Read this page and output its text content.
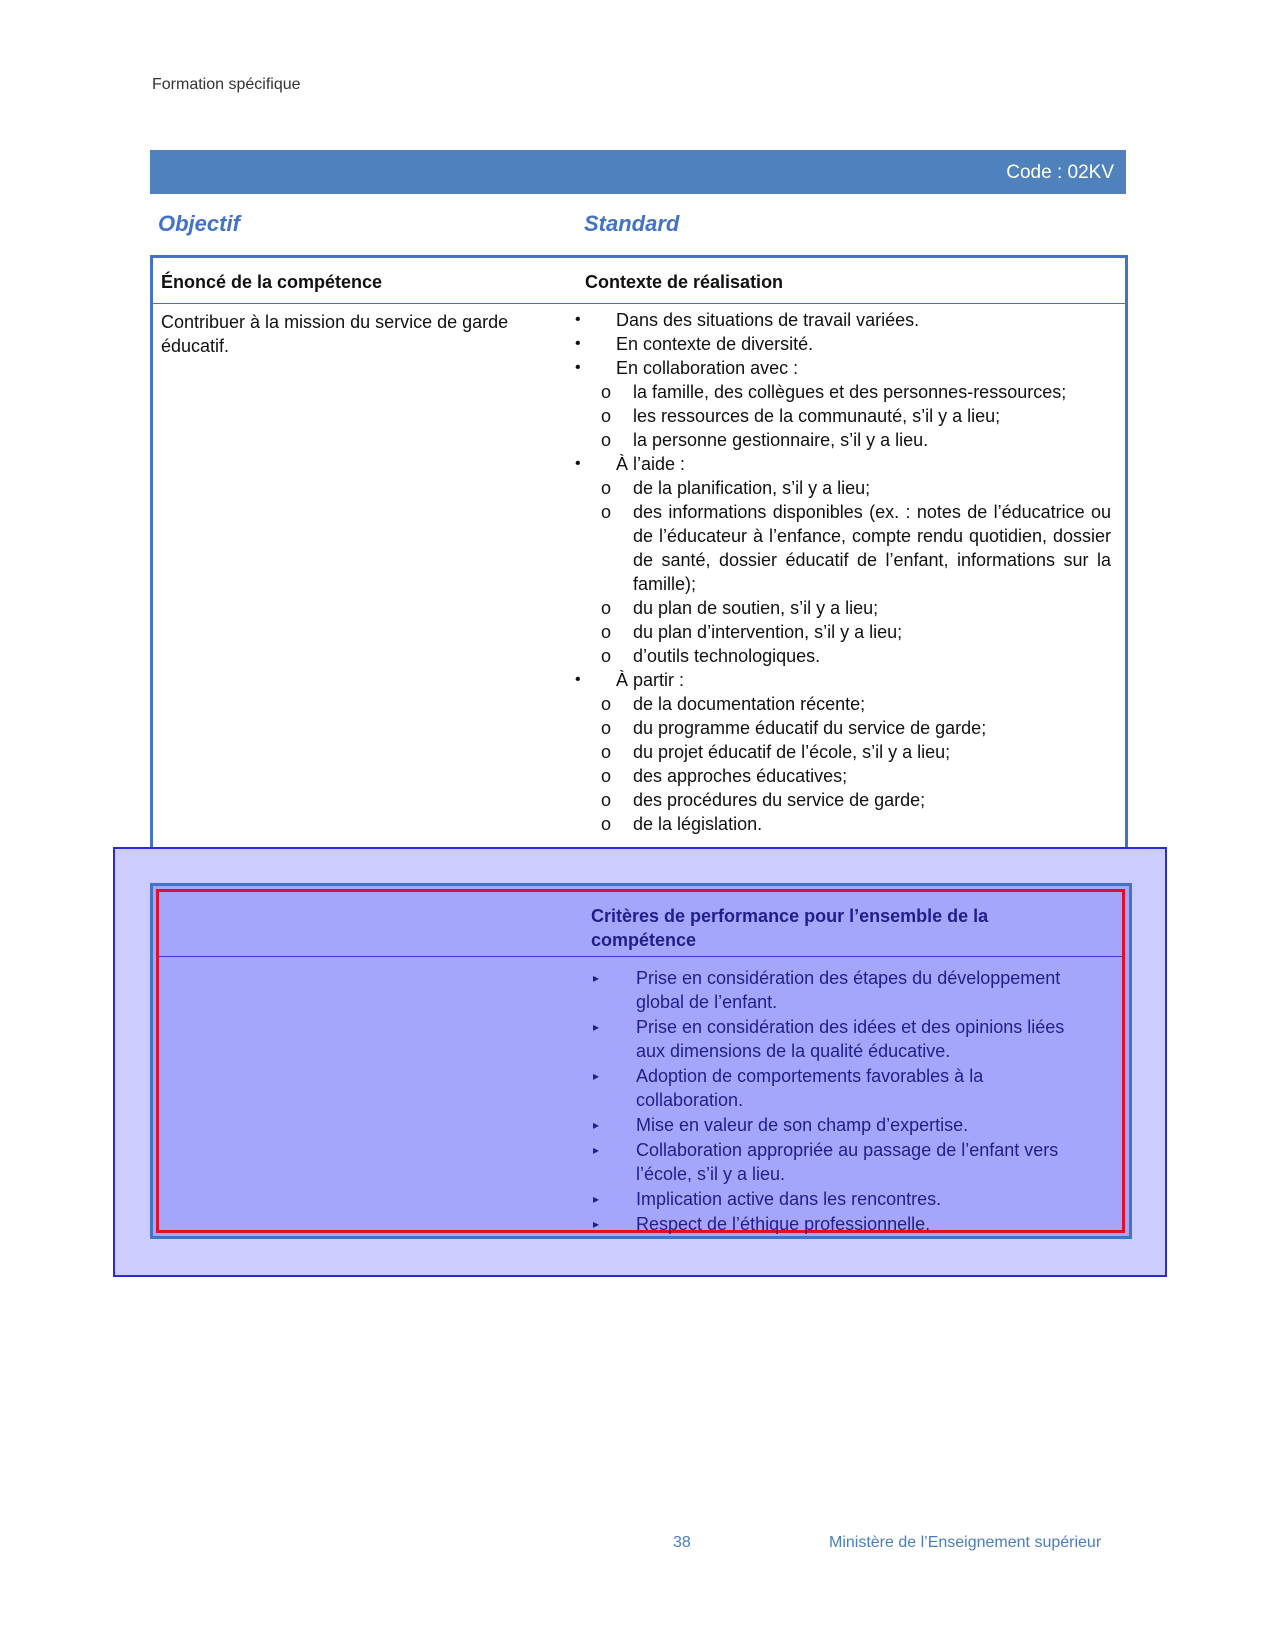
Formation spécifique
Code : 02KV
Objectif	Standard
Énoncé de la compétence	Contexte de réalisation
Contribuer à la mission du service de garde éducatif.
• Dans des situations de travail variées.
• En contexte de diversité.
• En collaboration avec :
o la famille, des collègues et des personnes-ressources;
o les ressources de la communauté, s’il y a lieu;
o la personne gestionnaire, s’il y a lieu.
• À l’aide :
o de la planification, s’il y a lieu;
o des informations disponibles (ex. : notes de l’éducatrice ou de l’éducateur à l’enfance, compte rendu quotidien, dossier de santé, dossier éducatif de l’enfant, informations sur la famille);
o du plan de soutien, s’il y a lieu;
o du plan d’intervention, s’il y a lieu;
o d’outils technologiques.
• À partir :
o de la documentation récente;
o du programme éducatif du service de garde;
o du projet éducatif de l’école, s’il y a lieu;
o des approches éducatives;
o des procédures du service de garde;
o de la législation.
Critères de performance pour l’ensemble de la compétence
▸ Prise en considération des étapes du développement global de l’enfant.
▸ Prise en considération des idées et des opinions liées aux dimensions de la qualité éducative.
▸ Adoption de comportements favorables à la collaboration.
▸ Mise en valeur de son champ d’expertise.
▸ Collaboration appropriée au passage de l’enfant vers l’école, s’il y a lieu.
▸ Implication active dans les rencontres.
▸ Respect de l’éthique professionnelle.
38	Ministère de l’Enseignement supérieur
